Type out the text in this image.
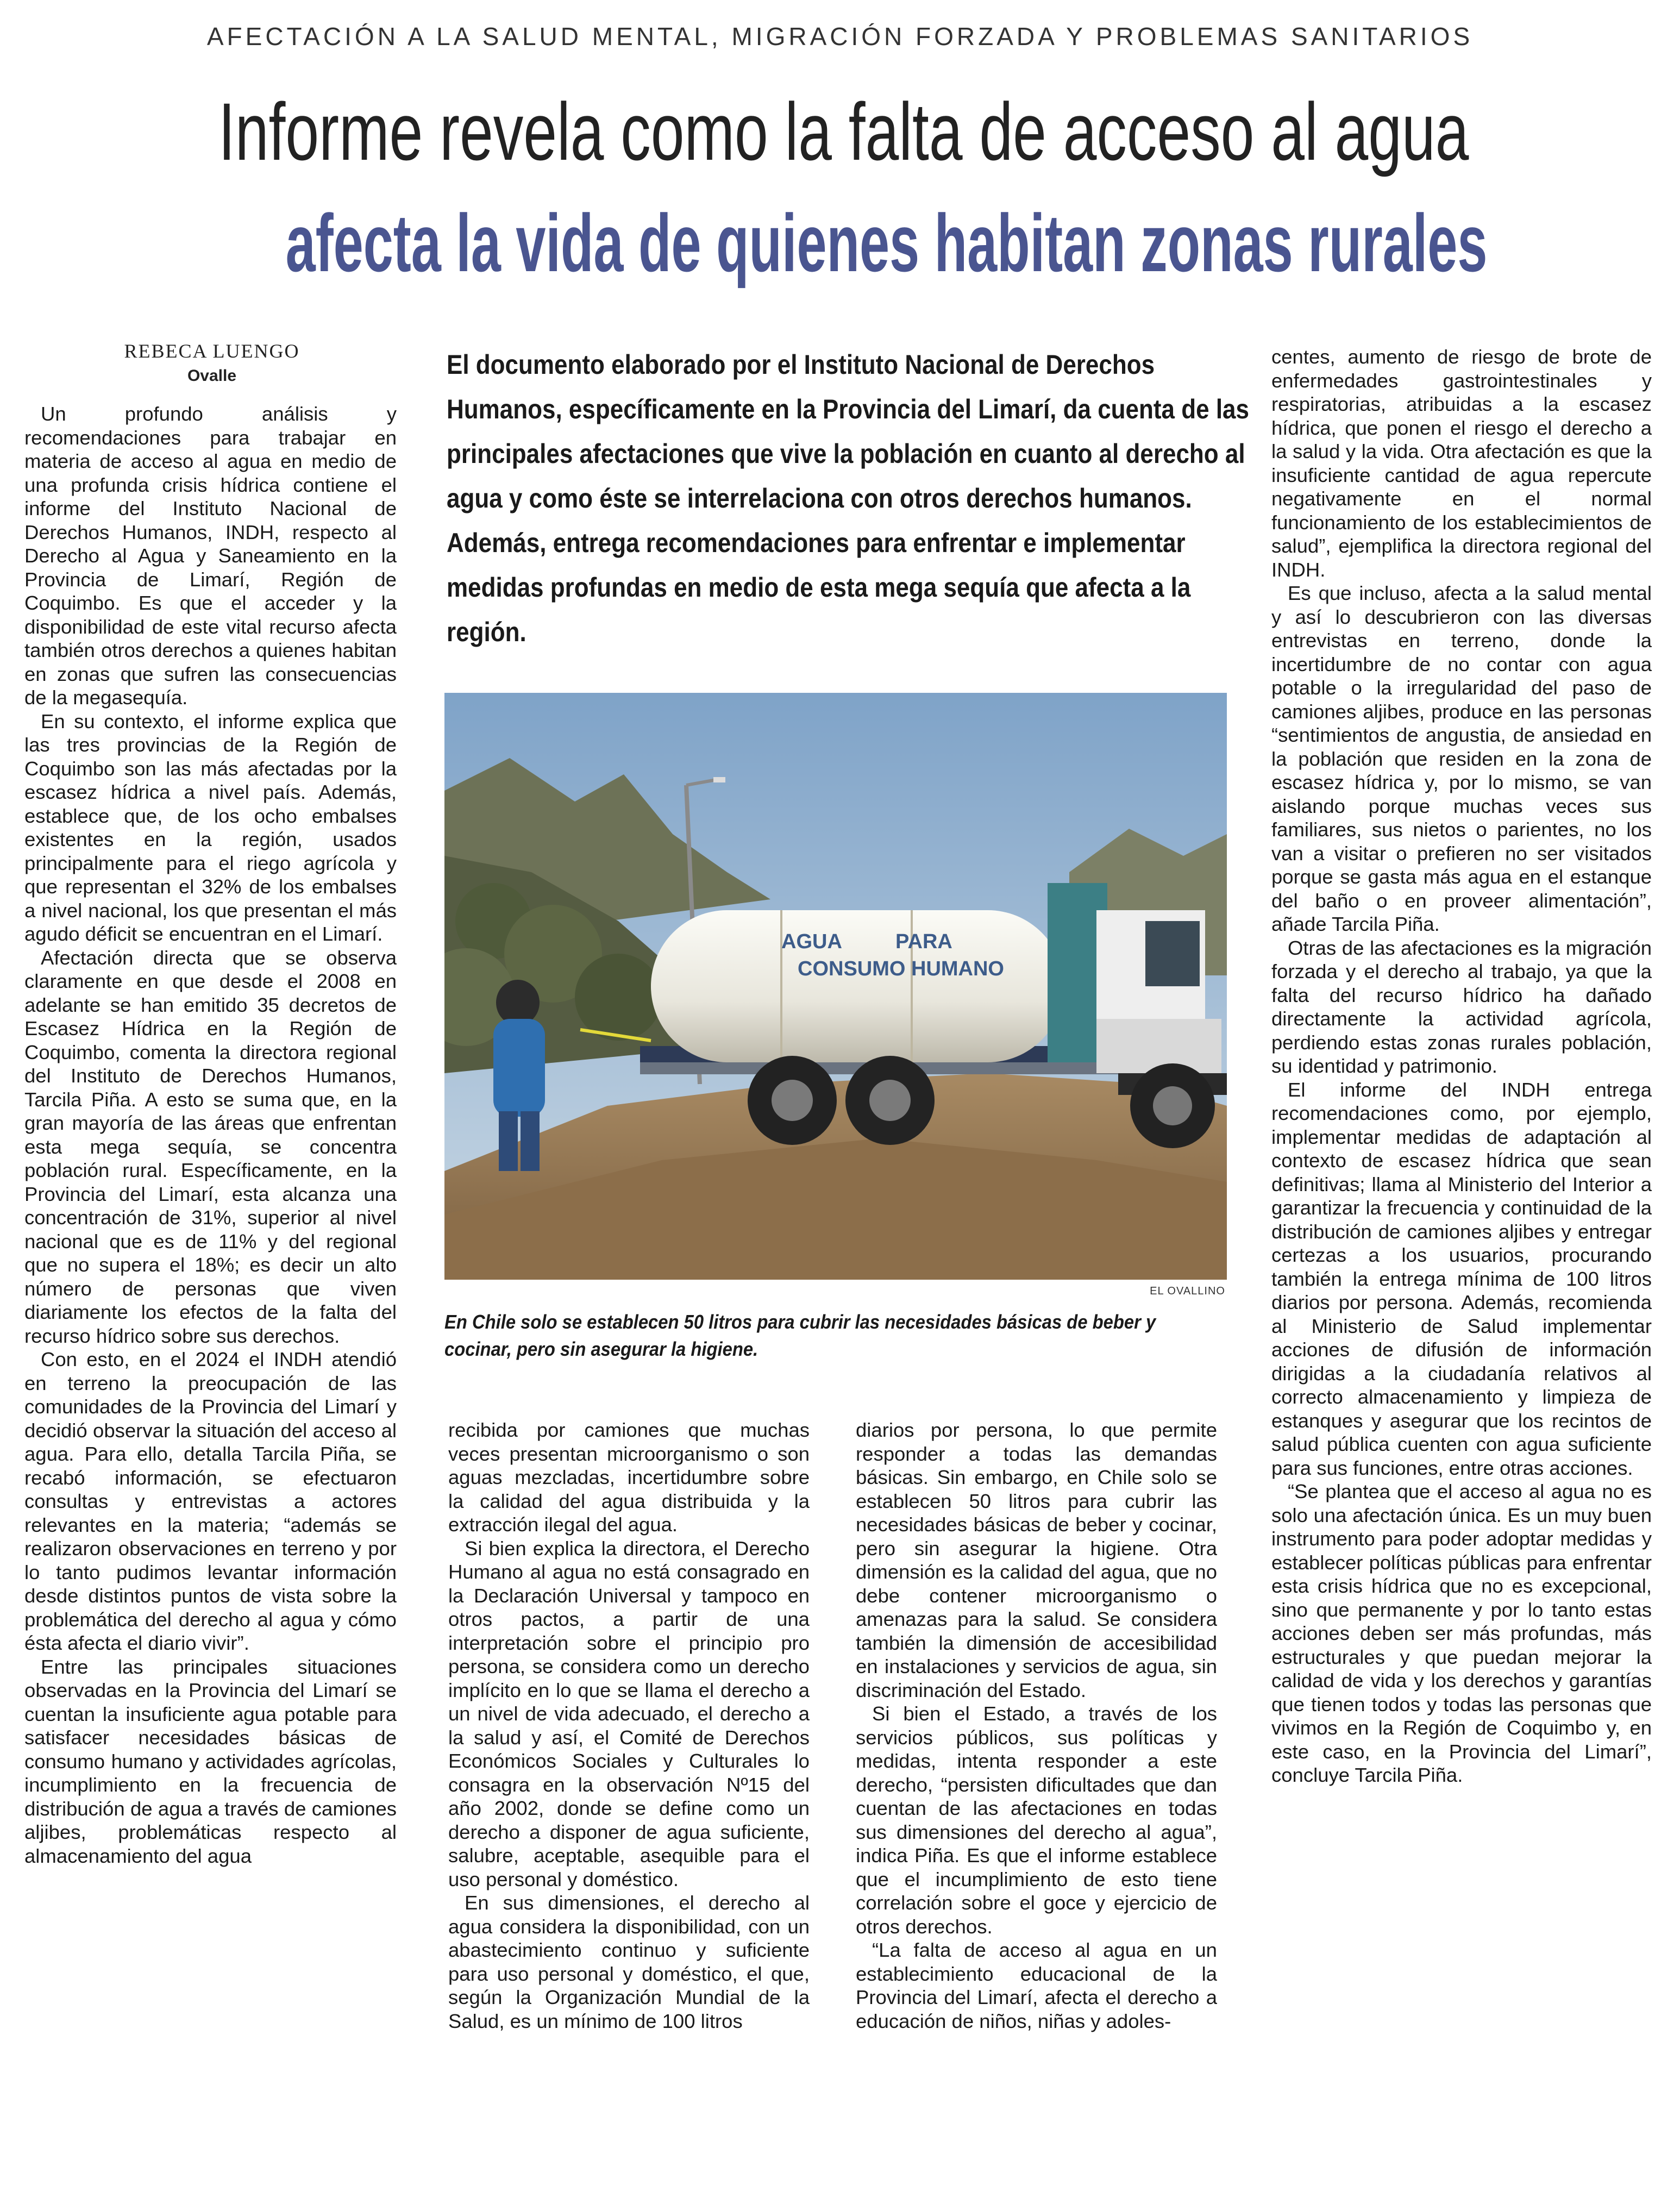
AFECTACIÓN A LA SALUD MENTAL, MIGRACIÓN FORZADA Y PROBLEMAS SANITARIOS
Informe revela como la falta de acceso al agua
afecta la vida de quienes habitan zonas rurales
REBECA LUENGO
Ovalle	El documento elaborado por el Instituto Nacional de Derechos Humanos, específicamente en la Provincia del Limarí, da cuenta de las principales afectaciones que vive la población en cuanto al derecho al agua y como éste se interrelaciona con otros derechos humanos. Además, entrega recomendaciones para enfrentar e implementar medidas profundas en medio de esta mega sequía que afecta a la región.
AGUA	PARA
CONSUMO HUMANO
EL OVALLINO
En Chile solo se establecen 50 litros para cubrir las necesidades básicas de beber y cocinar, pero sin asegurar la higiene.

Un profundo análisis y recomendaciones para trabajar en materia de acceso al agua en medio de una profunda crisis hídrica contiene el informe del Instituto Nacional de Derechos Humanos, INDH, respecto al Derecho al Agua y Saneamiento en la Provincia de Limarí, Región de Coquimbo. Es que el acceder y la disponibilidad de este vital recurso afecta también otros derechos a quienes habitan en zonas que sufren las consecuencias de la megasequía.

En su contexto, el informe explica que las tres provincias de la Región de Coquimbo son las más afectadas por la escasez hídrica a nivel país. Además, establece que, de los ocho embalses existentes en la región, usados principalmente para el riego agrícola y que representan el 32% de los embalses a nivel nacional, los que presentan el más agudo déficit se encuentran en el Limarí.

Afectación directa que se observa claramente en que desde el 2008 en adelante se han emitido 35 decretos de Escasez Hídrica en la Región de Coquimbo, comenta la directora regional del Instituto de Derechos Humanos, Tarcila Piña. A esto se suma que, en la gran mayoría de las áreas que enfrentan esta mega sequía, se concentra población rural. Específicamente, en la Provincia del Limarí, esta alcanza una concentración de 31%, superior al nivel nacional que es de 11% y del regional que no supera el 18%; es decir un alto número de personas que viven diariamente los efectos de la falta del recurso hídrico sobre sus derechos.

Con esto, en el 2024 el INDH atendió en terreno la preocupación de las comunidades de la Provincia del Limarí y decidió observar la situación del acceso al agua. Para ello, detalla Tarcila Piña, se recabó información, se efectuaron consultas y entrevistas a actores relevantes en la materia; “además se realizaron observaciones en terreno y por lo tanto pudimos levantar información desde distintos puntos de vista sobre la problemática del derecho al agua y cómo ésta afecta el diario vivir”.

Entre las principales situaciones observadas en la Provincia del Limarí se cuentan la insuficiente agua potable para satisfacer necesidades básicas de consumo humano y actividades agrícolas, incumplimiento en la frecuencia de distribución de agua a través de camiones aljibes, problemáticas respecto al almacenamiento del agua

recibida por camiones que muchas veces presentan microorganismo o son aguas mezcladas, incertidumbre sobre la calidad del agua distribuida y la extracción ilegal del agua.

Si bien explica la directora, el Derecho Humano al agua no está consagrado en la Declaración Universal y tampoco en otros pactos, a partir de una interpretación sobre el principio pro persona, se considera como un derecho implícito en lo que se llama el derecho a un nivel de vida adecuado, el derecho a la salud y así, el Comité de Derechos Económicos Sociales y Culturales lo consagra en la observación Nº15 del año 2002, donde se define como un derecho a disponer de agua suficiente, salubre, aceptable, asequible para el uso personal y doméstico.

En sus dimensiones, el derecho al agua considera la disponibilidad, con un abastecimiento continuo y suficiente para uso personal y doméstico, el que, según la Organización Mundial de la Salud, es un mínimo de 100 litros

diarios por persona, lo que permite responder a todas las demandas básicas. Sin embargo, en Chile solo se establecen 50 litros para cubrir las necesidades básicas de beber y cocinar, pero sin asegurar la higiene. Otra dimensión es la calidad del agua, que no debe contener microorganismo o amenazas para la salud. Se considera también la dimensión de accesibilidad en instalaciones y servicios de agua, sin discriminación del Estado.

Si bien el Estado, a través de los servicios públicos, sus políticas y medidas, intenta responder a este derecho, “persisten dificultades que dan cuentan de las afectaciones en todas sus dimensiones del derecho al agua”, indica Piña. Es que el informe establece que el incumplimiento de esto tiene correlación sobre el goce y ejercicio de otros derechos.

“La falta de acceso al agua en un establecimiento educacional de la Provincia del Limarí, afecta el derecho a educación de niños, niñas y adoles-

centes, aumento de riesgo de brote de enfermedades gastrointestinales y respiratorias, atribuidas a la escasez hídrica, que ponen el riesgo el derecho a la salud y la vida. Otra afectación es que la insuficiente cantidad de agua repercute negativamente en el normal funcionamiento de los establecimientos de salud”, ejemplifica la directora regional del INDH.

Es que incluso, afecta a la salud mental y así lo descubrieron con las diversas entrevistas en terreno, donde la incertidumbre de no contar con agua potable o la irregularidad del paso de camiones aljibes, produce en las personas “sentimientos de angustia, de ansiedad en la población que residen en la zona de escasez hídrica y, por lo mismo, se van aislando porque muchas veces sus familiares, sus nietos o parientes, no los van a visitar o prefieren no ser visitados porque se gasta más agua en el estanque del baño o en proveer alimentación”, añade Tarcila Piña.

Otras de las afectaciones es la migración forzada y el derecho al trabajo, ya que la falta del recurso hídrico ha dañado directamente la actividad agrícola, perdiendo estas zonas rurales población, su identidad y patrimonio.

El informe del INDH entrega recomendaciones como, por ejemplo, implementar medidas de adaptación al contexto de escasez hídrica que sean definitivas; llama al Ministerio del Interior a garantizar la frecuencia y continuidad de la distribución de camiones aljibes y entregar certezas a los usuarios, procurando también la entrega mínima de 100 litros diarios por persona. Además, recomienda al Ministerio de Salud implementar acciones de difusión de información dirigidas a la ciudadanía relativos al correcto almacenamiento y limpieza de estanques y asegurar que los recintos de salud pública cuenten con agua suficiente para sus funciones, entre otras acciones.

“Se plantea que el acceso al agua no es solo una afectación única. Es un muy buen instrumento para poder adoptar medidas y establecer políticas públicas para enfrentar esta crisis hídrica que no es excepcional, sino que permanente y por lo tanto estas acciones deben ser más profundas, más estructurales y que puedan mejorar la calidad de vida y los derechos y garantías que tienen todos y todas las personas que vivimos en la Región de Coquimbo y, en este caso, en la Provincia del Limarí”, concluye Tarcila Piña.
